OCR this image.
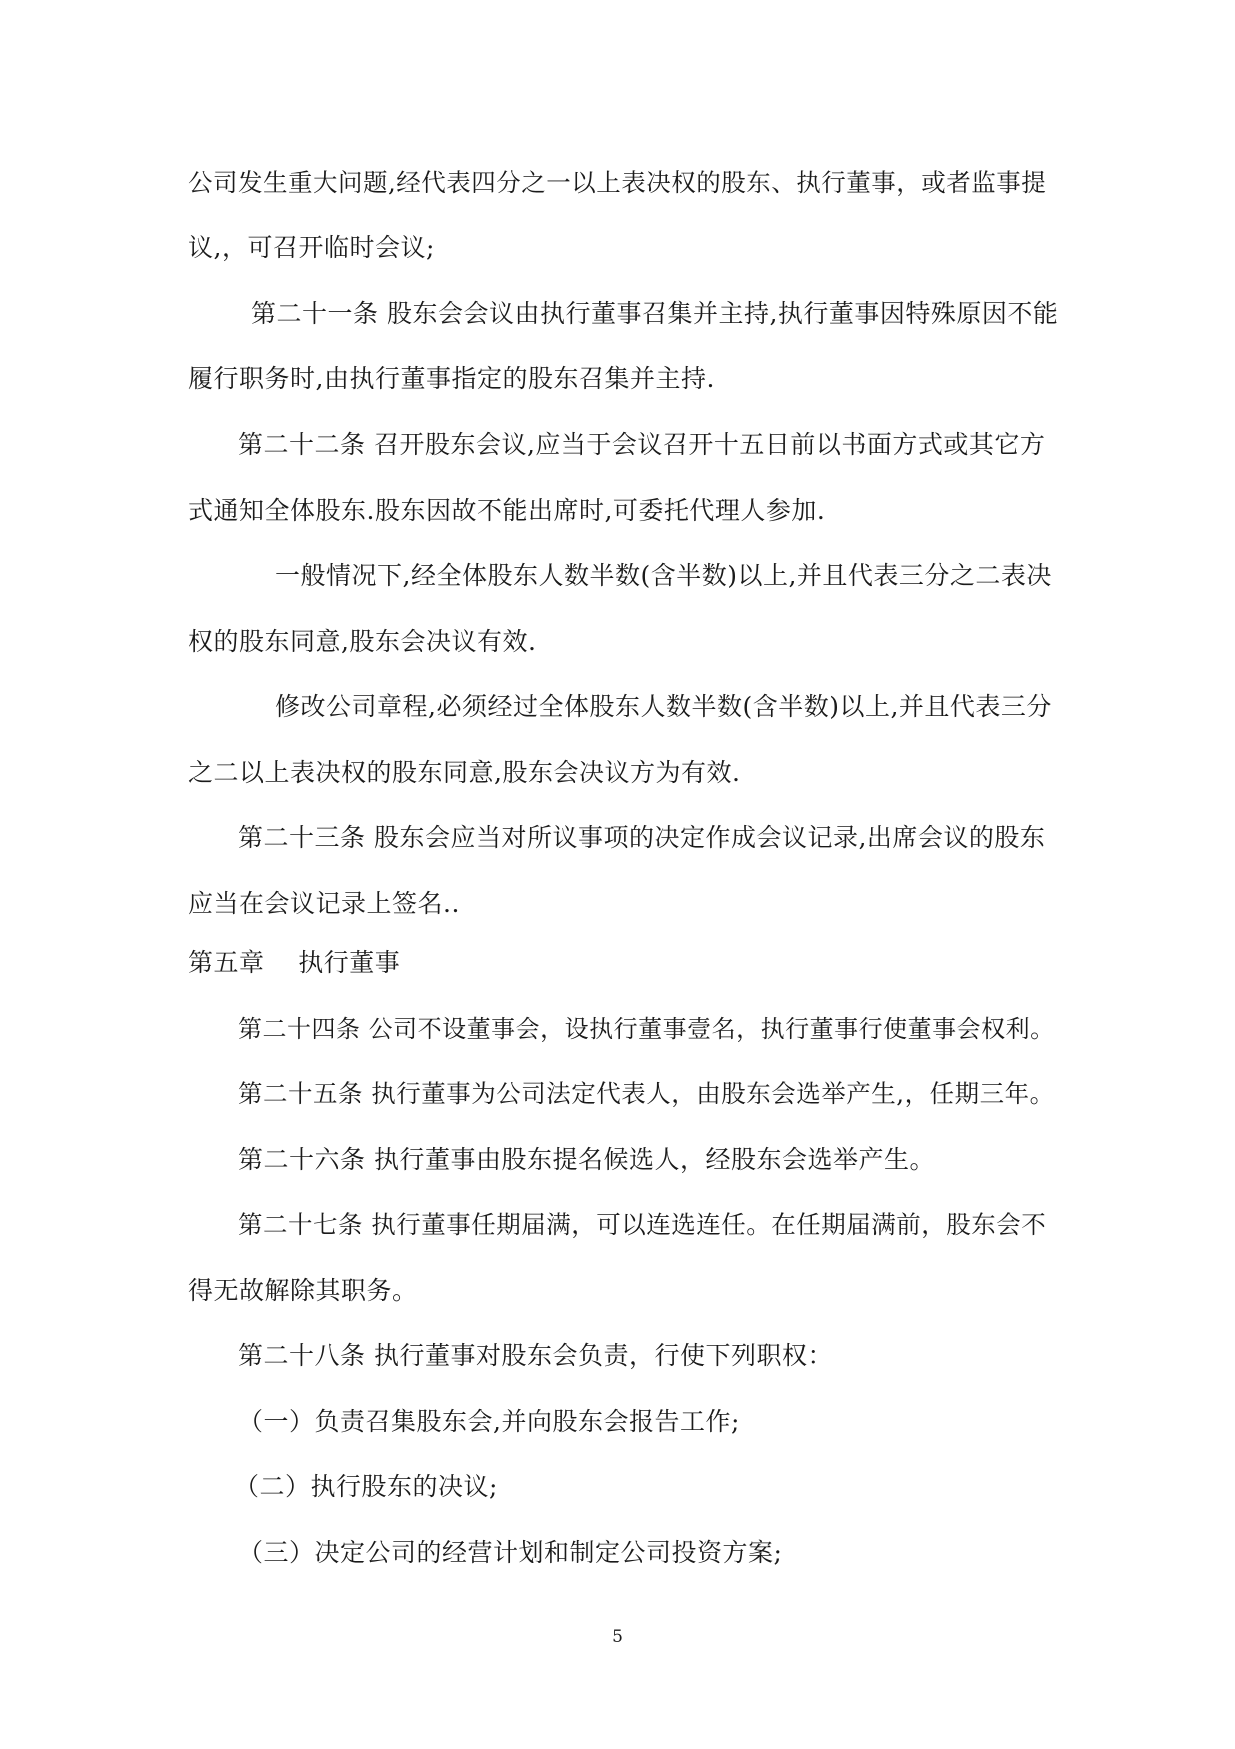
公司发生重大问题,经代表四分之一以上表决权的股东、执行董事，或者监事提
议,，可召开临时会议;
第二十一条 股东会会议由执行董事召集并主持,执行董事因特殊原因不能
履行职务时,由执行董事指定的股东召集并主持.
第二十二条 召开股东会议,应当于会议召开十五日前以书面方式或其它方
式通知全体股东.股东因故不能出席时,可委托代理人参加.
一般情况下,经全体股东人数半数(含半数)以上,并且代表三分之二表决
权的股东同意,股东会决议有效.
修改公司章程,必须经过全体股东人数半数(含半数)以上,并且代表三分
之二以上表决权的股东同意,股东会决议方为有效.
第二十三条 股东会应当对所议事项的决定作成会议记录,出席会议的股东
应当在会议记录上签名..
第五章    执行董事
第二十四条 公司不设董事会，设执行董事壹名，执行董事行使董事会权利。
第二十五条 执行董事为公司法定代表人，由股东会选举产生,，任期三年。
第二十六条 执行董事由股东提名候选人，经股东会选举产生。
第二十七条 执行董事任期届满，可以连选连任。在任期届满前，股东会不
得无故解除其职务。
第二十八条 执行董事对股东会负责，行使下列职权：
（一）负责召集股东会,并向股东会报告工作;
（二）执行股东的决议;
（三）决定公司的经营计划和制定公司投资方案;
5
